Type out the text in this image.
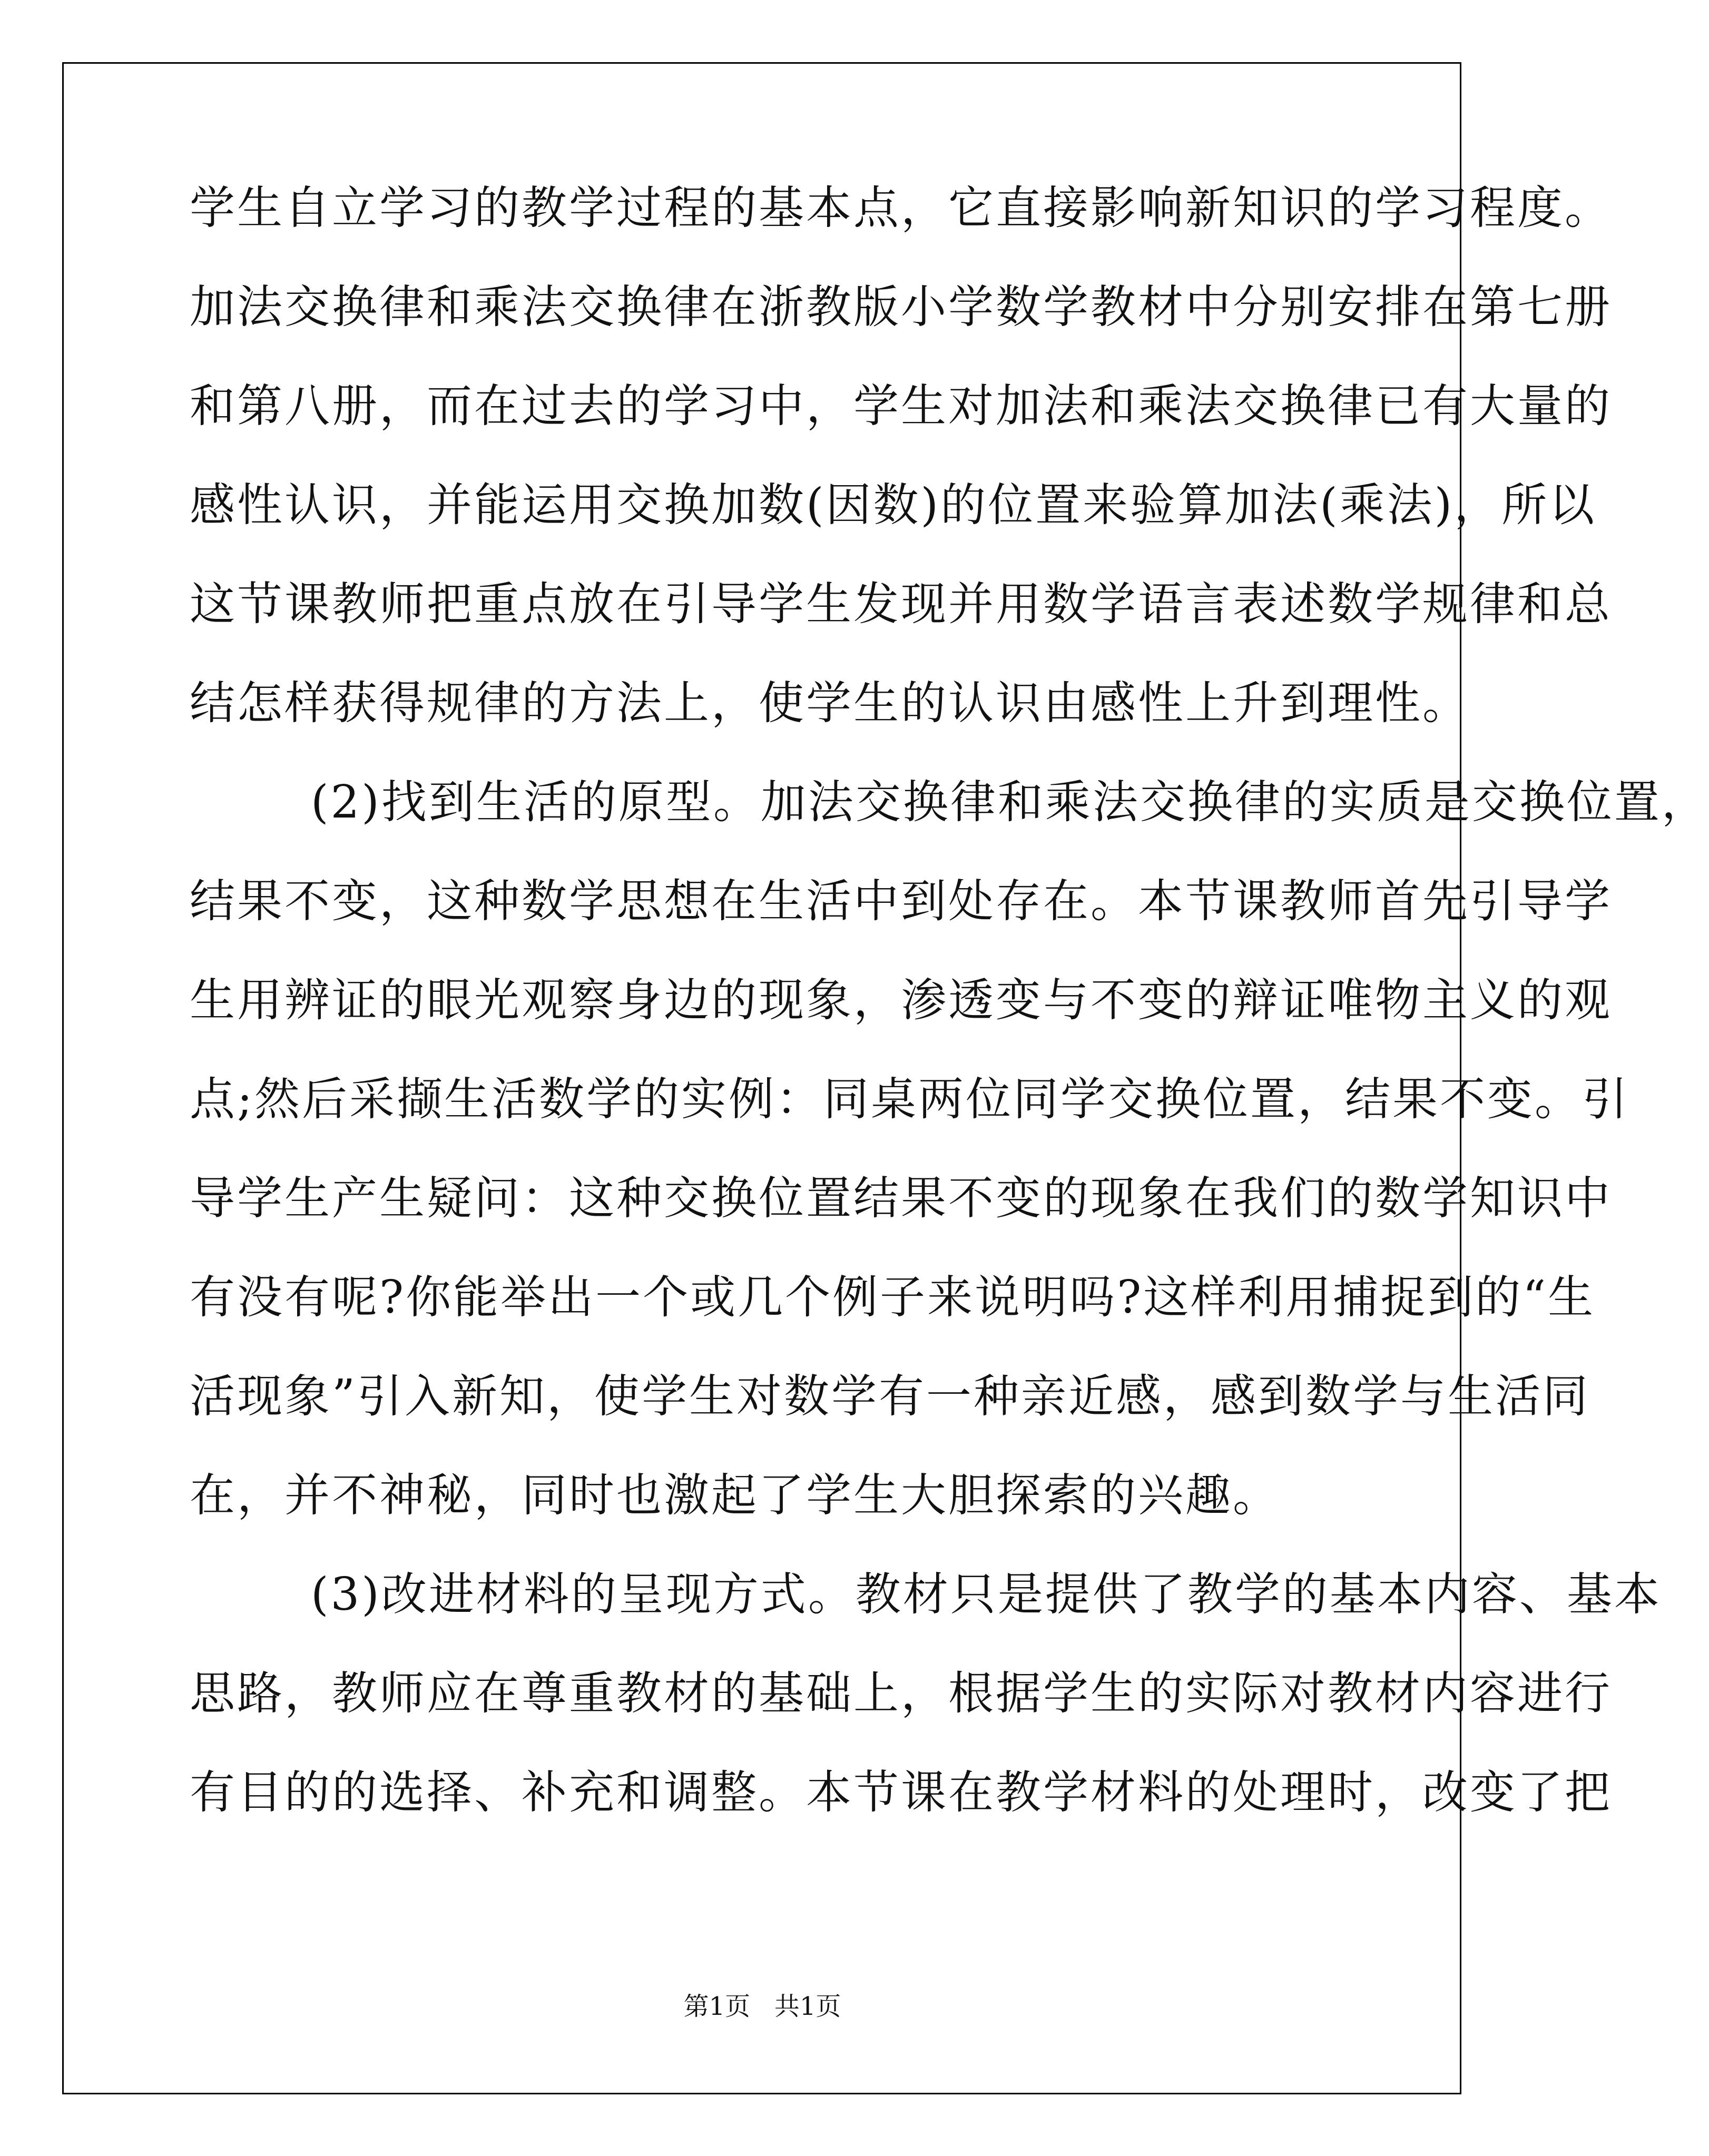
学生自立学习的教学过程的基本点，它直接影响新知识的学习程度。
加法交换律和乘法交换律在浙教版小学数学教材中分别安排在第七册
和第八册，而在过去的学习中，学生对加法和乘法交换律已有大量的
感性认识，并能运用交换加数(因数)的位置来验算加法(乘法)，所以
这节课教师把重点放在引导学生发现并用数学语言表述数学规律和总
结怎样获得规律的方法上，使学生的认识由感性上升到理性。
(2)找到生活的原型。加法交换律和乘法交换律的实质是交换位置，
结果不变，这种数学思想在生活中到处存在。本节课教师首先引导学
生用辨证的眼光观察身边的现象，渗透变与不变的辩证唯物主义的观
点;然后采撷生活数学的实例：同桌两位同学交换位置，结果不变。引
导学生产生疑问：这种交换位置结果不变的现象在我们的数学知识中
有没有呢?你能举出一个或几个例子来说明吗?这样利用捕捉到的“生
活现象”引入新知，使学生对数学有一种亲近感，感到数学与生活同
在，并不神秘，同时也激起了学生大胆探索的兴趣。
(3)改进材料的呈现方式。教材只是提供了教学的基本内容、基本
思路，教师应在尊重教材的基础上，根据学生的实际对教材内容进行
有目的的选择、补充和调整。本节课在教学材料的处理时，改变了把
第1页   共1页
